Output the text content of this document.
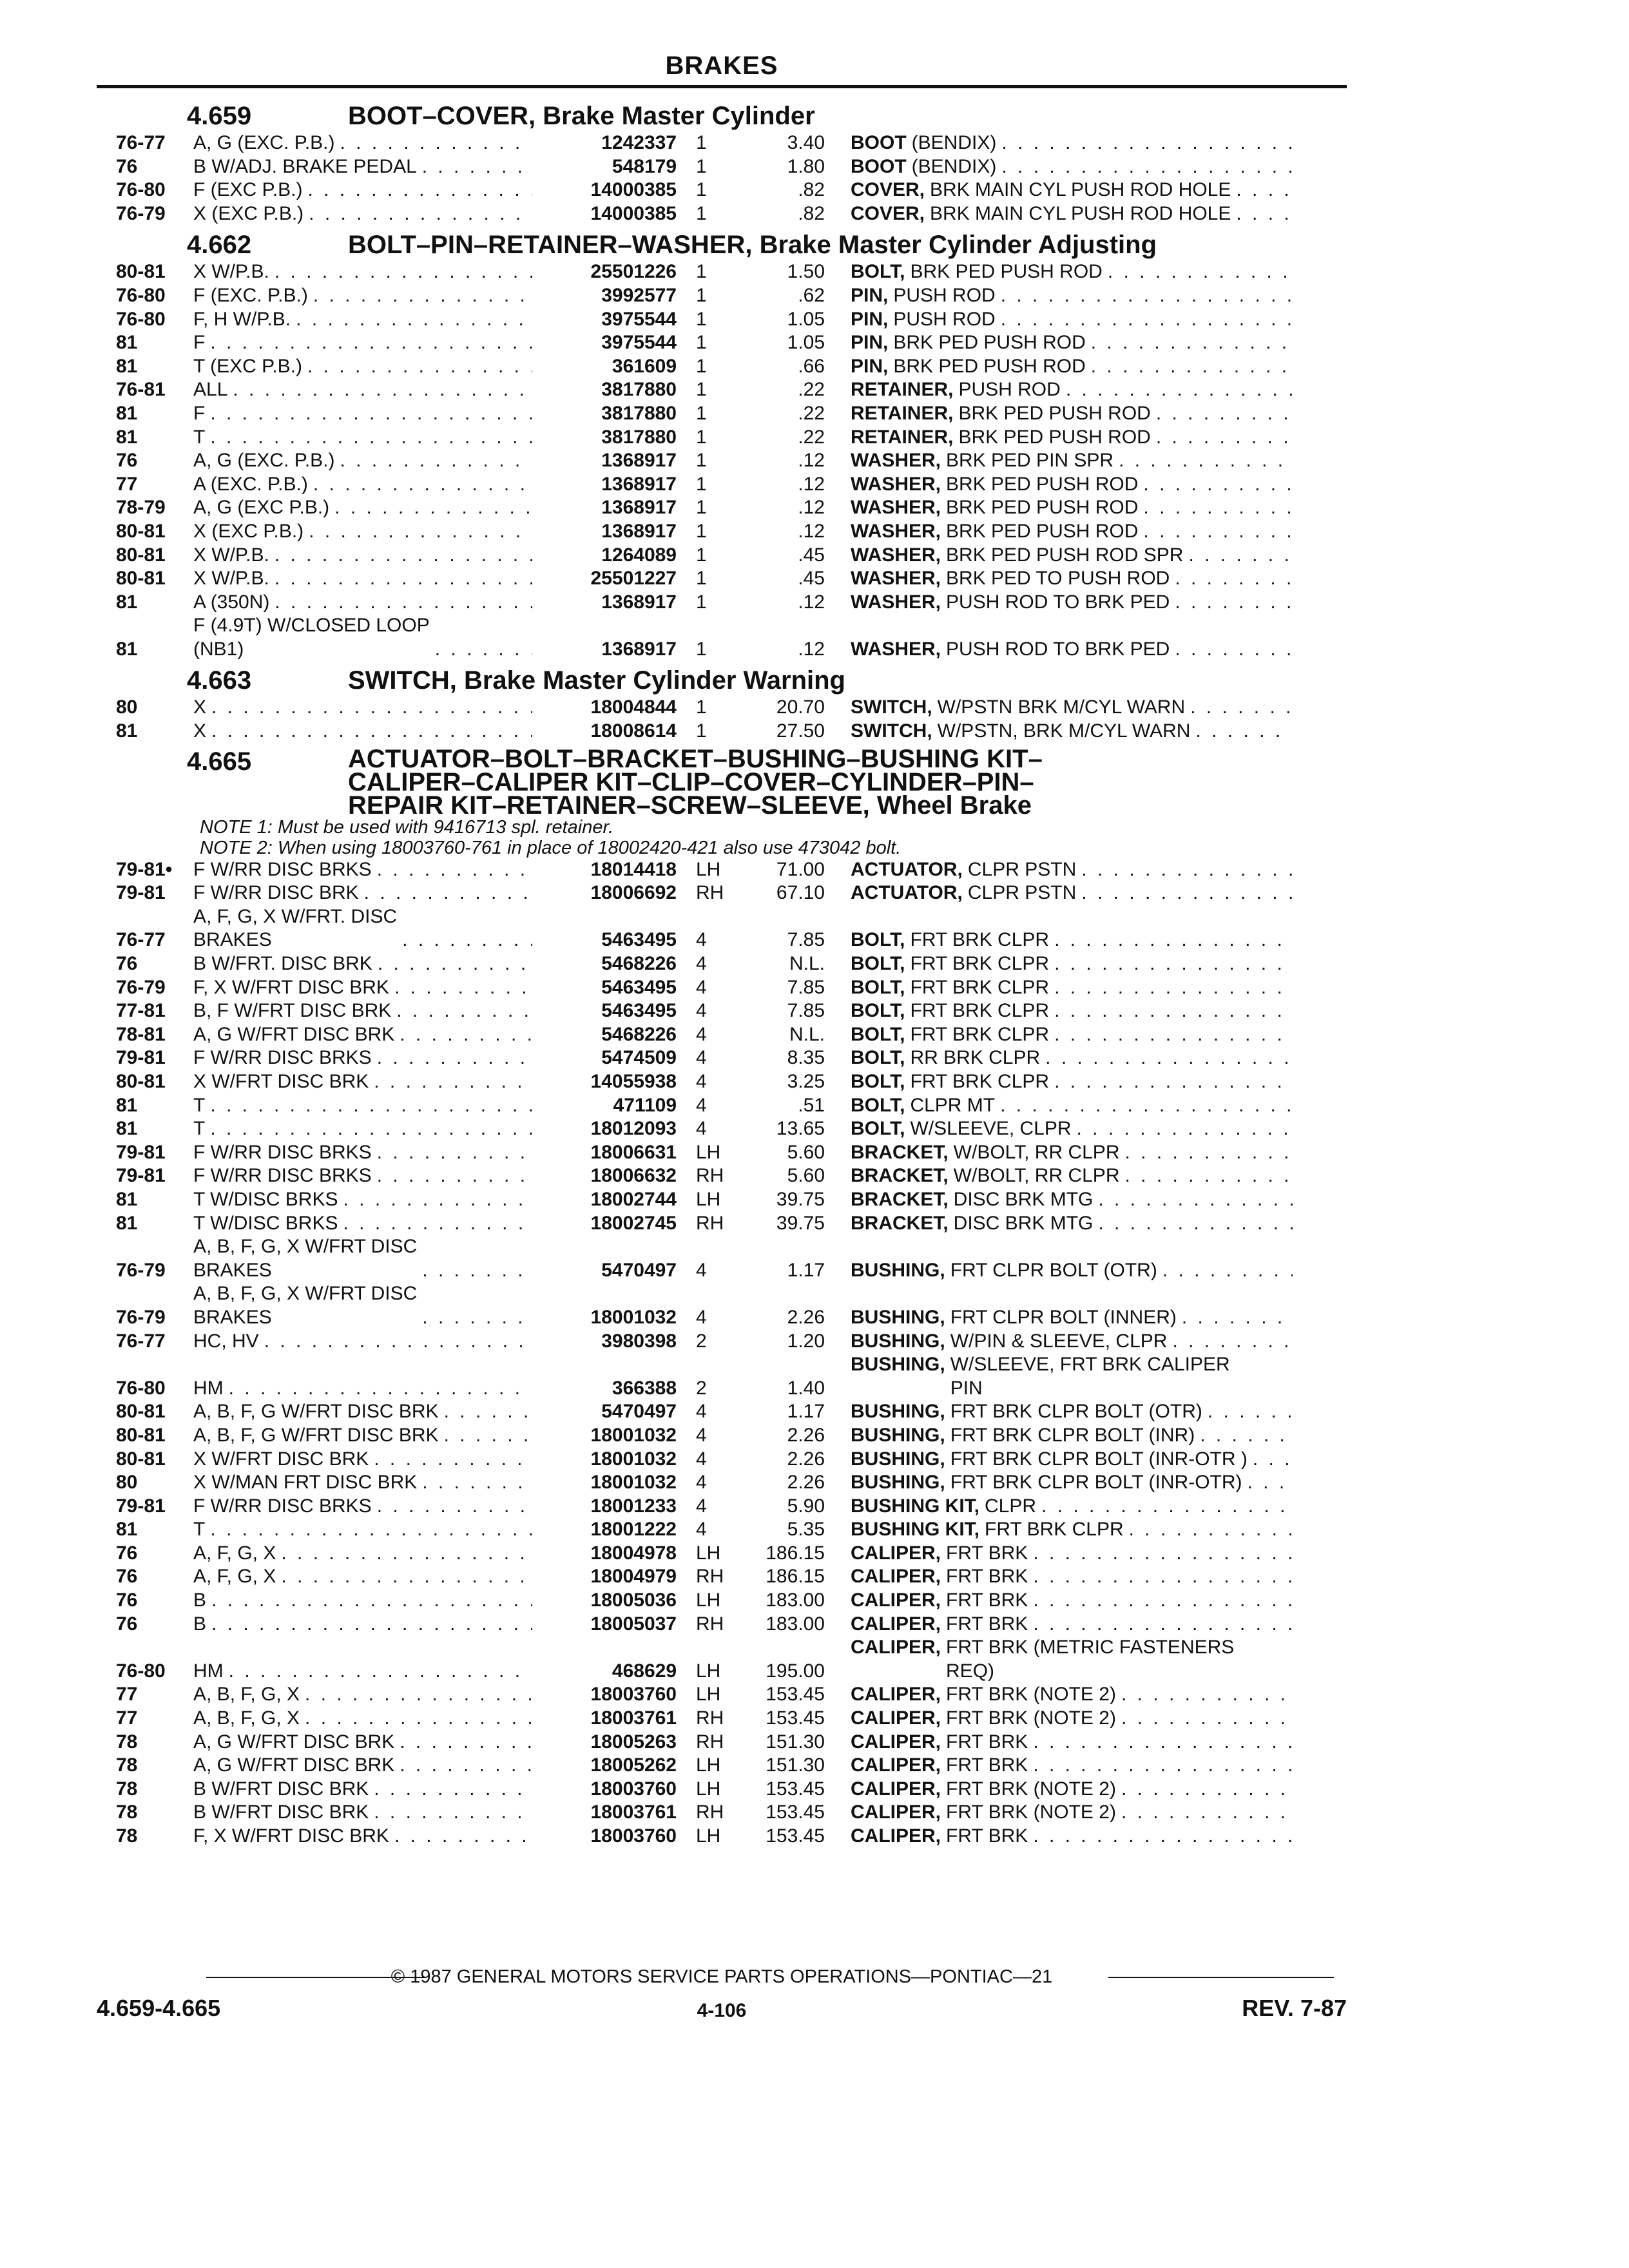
BRAKES
4.659	BOOT–COVER, Brake Master Cylinder
76-77	A, G (EXC. P.B.) . . .	1242337	1	3.40	BOOT (BENDIX)
. . .
76	B W/ADJ. BRAKE PEDAL . . .	548179	1	1.80	BOOT (BENDIX)
. . .
76-80	F (EXC P.B.) . . .	14000385	1	.82	COVER, BRK MAIN CYL PUSH ROD HOLE
. . .
76-79	X (EXC P.B.) . . .	14000385	1	.82	COVER, BRK MAIN CYL PUSH ROD HOLE
. . .
4.662	BOLT–PIN–RETAINER–WASHER, Brake Master Cylinder Adjusting
80-81	X W/P.B. . . .	25501226	1	1.50	BOLT, BRK PED PUSH ROD
. . .
76-80	F (EXC. P.B.) . . .	3992577	1	.62	PIN, PUSH ROD
. . .
76-80	F, H W/P.B. . . .	3975544	1	1.05	PIN, PUSH ROD
. . .
81	F . . .	3975544	1	1.05	PIN, BRK PED PUSH ROD
. . .
81	T (EXC P.B.) . . .	361609	1	.66	PIN, BRK PED PUSH ROD
. . .
76-81	ALL . . .	3817880	1	.22	RETAINER, PUSH ROD
. . .
81	F . . .	3817880	1	.22	RETAINER, BRK PED PUSH ROD
. . .
81	T . . .	3817880	1	.22	RETAINER, BRK PED PUSH ROD
. . .
76	A, G (EXC. P.B.) . . .	1368917	1	.12	WASHER, BRK PED PIN SPR
. . .
77	A (EXC. P.B.) . . .	1368917	1	.12	WASHER, BRK PED PUSH ROD
. . .
78-79	A, G (EXC P.B.) . . .	1368917	1	.12	WASHER, BRK PED PUSH ROD
. . .
80-81	X (EXC P.B.) . . .	1368917	1	.12	WASHER, BRK PED PUSH ROD
. . .
80-81	X W/P.B. . . .	1264089	1	.45	WASHER, BRK PED PUSH ROD SPR
. . .
80-81	X W/P.B. . . .	25501227	1	.45	WASHER, BRK PED TO PUSH ROD
. . .
81	A (350N) . . .	1368917	1	.12	WASHER, PUSH ROD TO BRK PED
. . .
81
F (4.9T) W/CLOSED LOOP
(NB1) . . .	1368917	1	.12	WASHER, PUSH ROD TO BRK PED
. . .
4.663	SWITCH, Brake Master Cylinder Warning
80	X . . .	18004844	1	20.70	SWITCH, W/PSTN BRK M/CYL WARN
. . .
81	X . . .	18008614	1	27.50	SWITCH, W/PSTN, BRK M/CYL WARN
. . .
4.665	ACTUATOR–BOLT–BRACKET–BUSHING–BUSHING KIT–
CALIPER–CALIPER KIT–CLIP–COVER–CYLINDER–PIN–
REPAIR KIT–RETAINER–SCREW–SLEEVE, Wheel Brake
NOTE 1: Must be used with 9416713 spl. retainer.
NOTE 2: When using 18003760-761 in place of 18002420-421 also use 473042 bolt.
79-81•	F W/RR DISC BRKS . . .	18014418	LH	71.00	ACTUATOR, CLPR PSTN
. . .
79-81	F W/RR DISC BRK . . .	18006692	RH	67.10	ACTUATOR, CLPR PSTN
. . .
76-77
A, F, G, X W/FRT. DISC
BRAKES . . .	5463495	4	7.85	BOLT, FRT BRK CLPR
. . .
76	B W/FRT. DISC BRK . . .	5468226	4	N.L.	BOLT, FRT BRK CLPR
. . .
76-79	F, X W/FRT DISC BRK . . .	5463495	4	7.85	BOLT, FRT BRK CLPR
. . .
77-81	B, F W/FRT DISC BRK . . .	5463495	4	7.85	BOLT, FRT BRK CLPR
. . .
78-81	A, G W/FRT DISC BRK . . .	5468226	4	N.L.	BOLT, FRT BRK CLPR
. . .
79-81	F W/RR DISC BRKS . . .	5474509	4	8.35	BOLT, RR BRK CLPR
. . .
80-81	X W/FRT DISC BRK . . .	14055938	4	3.25	BOLT, FRT BRK CLPR
. . .
81	T . . .	471109	4	.51	BOLT, CLPR MT
. . .
81	T . . .	18012093	4	13.65	BOLT, W/SLEEVE, CLPR
. . .
79-81	F W/RR DISC BRKS . . .	18006631	LH	5.60	BRACKET, W/BOLT, RR CLPR
. . .
79-81	F W/RR DISC BRKS . . .	18006632	RH	5.60	BRACKET, W/BOLT, RR CLPR
. . .
81	T W/DISC BRKS . . .	18002744	LH	39.75	BRACKET, DISC BRK MTG
. . .
81	T W/DISC BRKS . . .	18002745	RH	39.75	BRACKET, DISC BRK MTG
. . .
76-79
A, B, F, G, X W/FRT DISC
BRAKES . . .	5470497	4	1.17	BUSHING, FRT CLPR BOLT (OTR)
. . .
76-79
A, B, F, G, X W/FRT DISC
BRAKES . . .	18001032	4	2.26	BUSHING, FRT CLPR BOLT (INNER)
. . .
76-77	HC, HV . . .	3980398	2	1.20	BUSHING, W/PIN & SLEEVE, CLPR
. . .
76-80	HM . . .	366388	2	1.40
BUSHING, W/SLEEVE, FRT BRK CALIPER
PIN
80-81	A, B, F, G W/FRT DISC BRK . . .	5470497	4	1.17	BUSHING, FRT BRK CLPR BOLT (OTR)
. . .
80-81	A, B, F, G W/FRT DISC BRK . . .	18001032	4	2.26	BUSHING, FRT BRK CLPR BOLT (INR)
. . .
80-81	X W/FRT DISC BRK . . .	18001032	4	2.26	BUSHING, FRT BRK CLPR BOLT (INR-OTR )
. . .
80	X W/MAN FRT DISC BRK . . .	18001032	4	2.26	BUSHING, FRT BRK CLPR BOLT (INR-OTR)
. . .
79-81	F W/RR DISC BRKS . . .	18001233	4	5.90	BUSHING KIT, CLPR
. . .
81	T . . .	18001222	4	5.35	BUSHING KIT, FRT BRK CLPR
. . .
76	A, F, G, X . . .	18004978	LH	186.15	CALIPER, FRT BRK
. . .
76	A, F, G, X . . .	18004979	RH	186.15	CALIPER, FRT BRK
. . .
76	B . . .	18005036	LH	183.00	CALIPER, FRT BRK
. . .
76	B . . .	18005037	RH	183.00	CALIPER, FRT BRK
. . .
76-80	HM . . .	468629	LH	195.00
CALIPER, FRT BRK (METRIC FASTENERS
REQ)
77	A, B, F, G, X . . .	18003760	LH	153.45	CALIPER, FRT BRK (NOTE 2)
. . .
77	A, B, F, G, X . . .	18003761	RH	153.45	CALIPER, FRT BRK (NOTE 2)
. . .
78	A, G W/FRT DISC BRK . . .	18005263	RH	151.30	CALIPER, FRT BRK
. . .
78	A, G W/FRT DISC BRK . . .	18005262	LH	151.30	CALIPER, FRT BRK
. . .
78	B W/FRT DISC BRK . . .	18003760	LH	153.45	CALIPER, FRT BRK (NOTE 2)
. . .
78	B W/FRT DISC BRK . . .	18003761	RH	153.45	CALIPER, FRT BRK (NOTE 2)
. . .
78	F, X W/FRT DISC BRK . . .	18003760	LH	153.45	CALIPER, FRT BRK
. . .
© 1987 GENERAL MOTORS SERVICE PARTS OPERATIONS—PONTIAC—21
4.659-4.665	4-106	REV. 7-87
